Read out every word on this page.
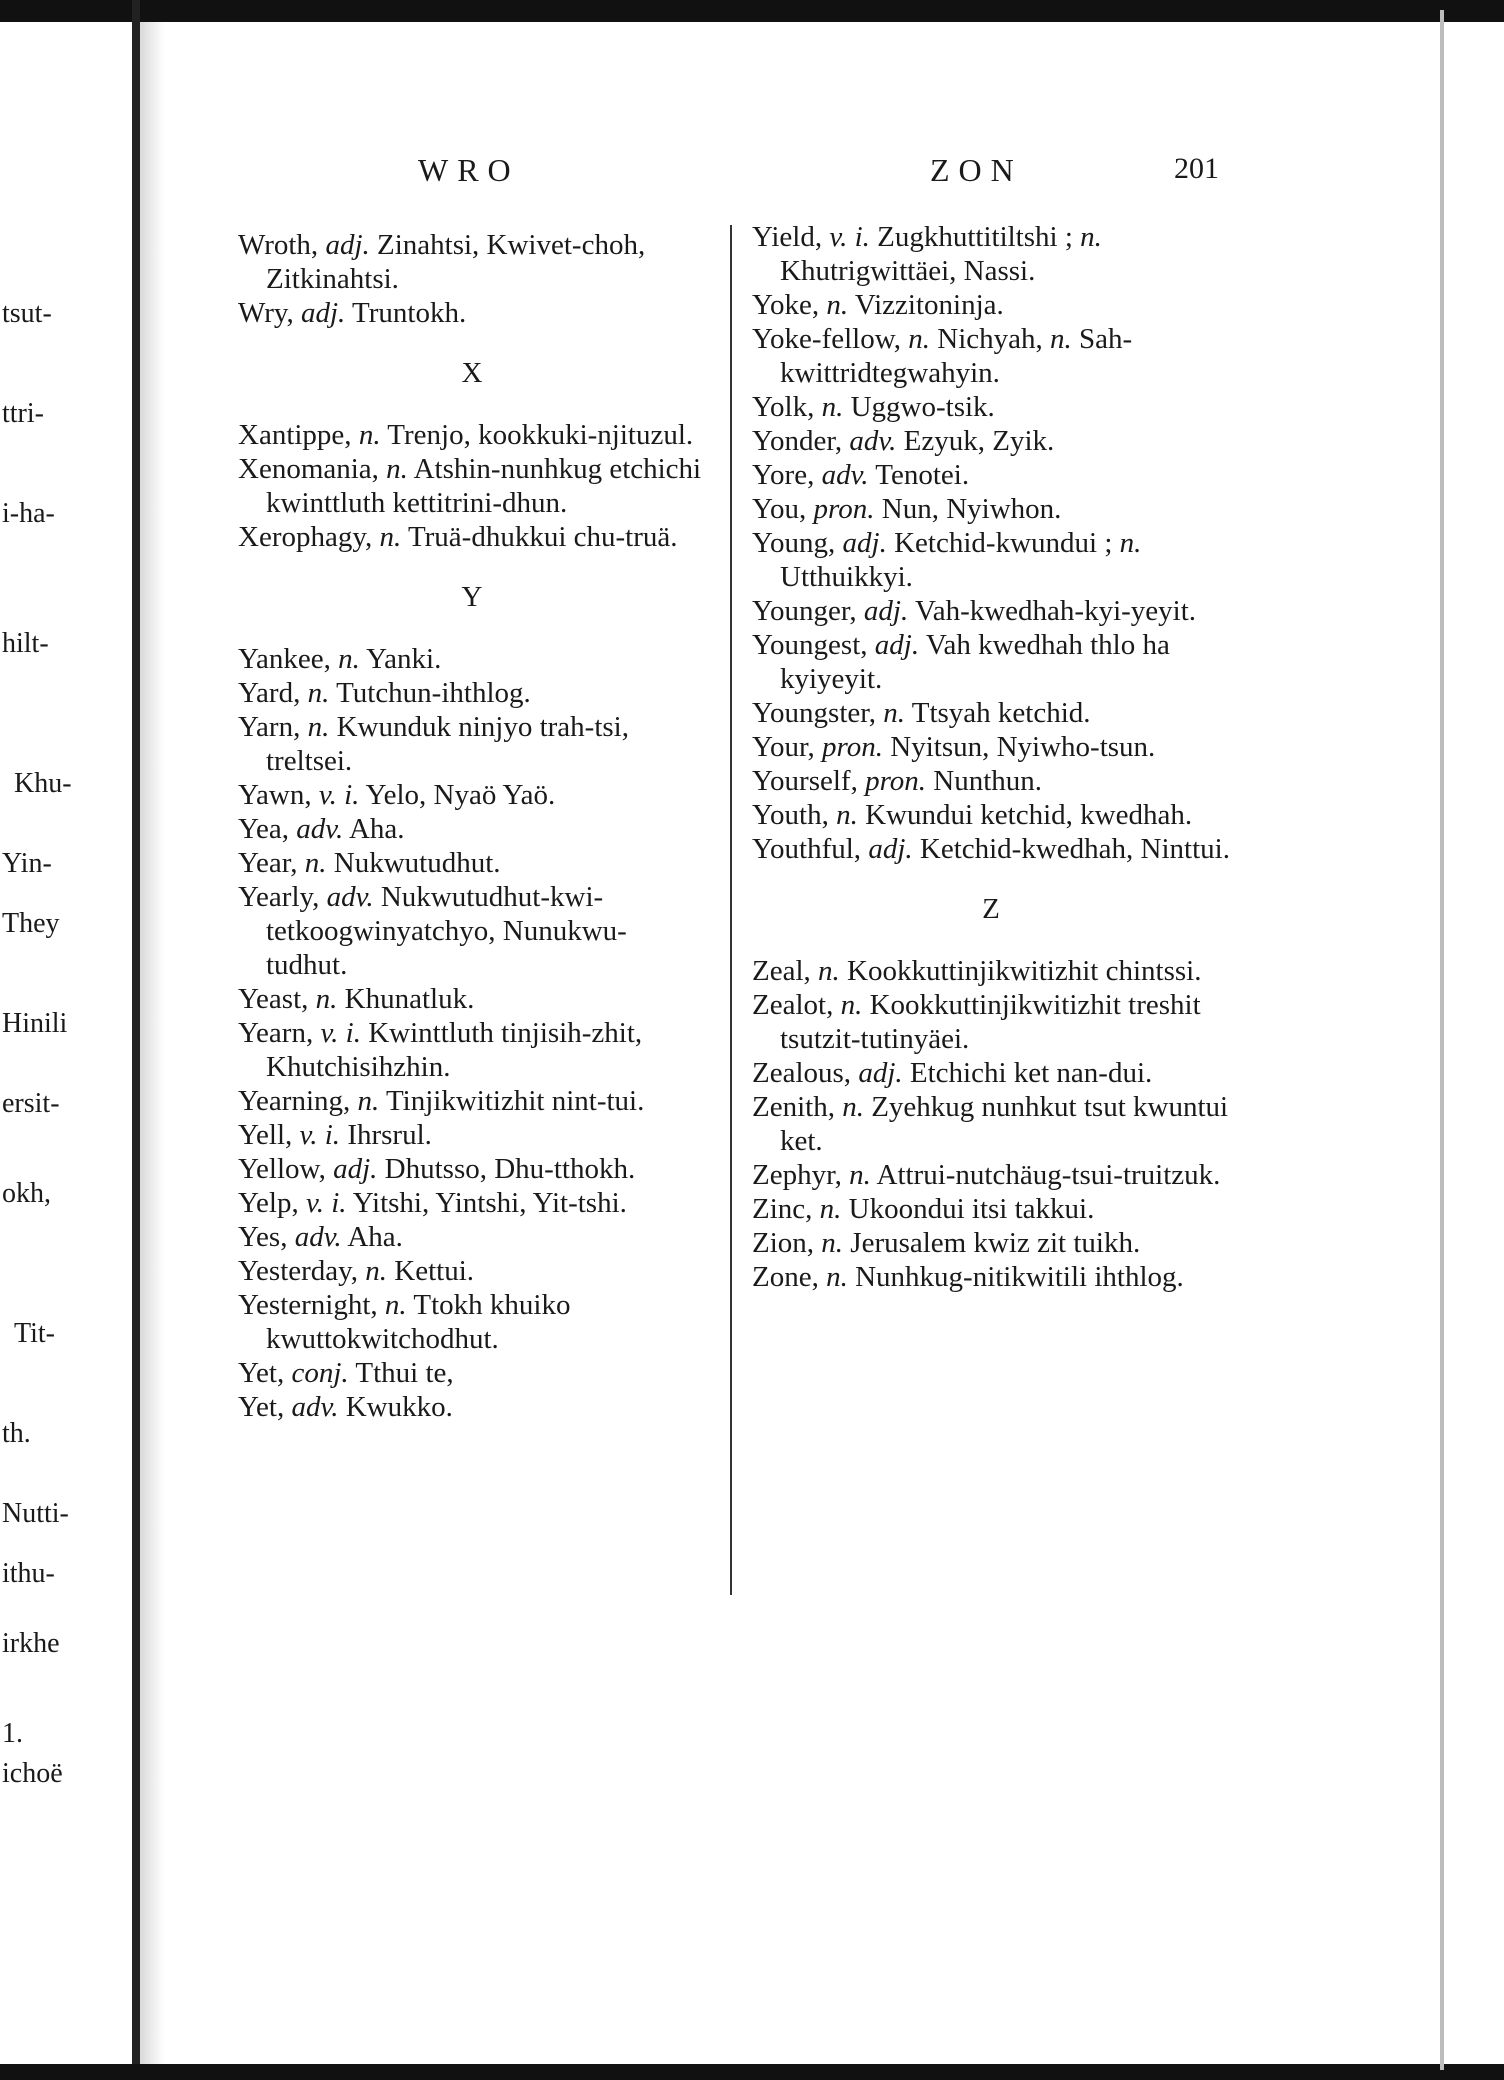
tsut-
ttri-
i-ha-
hilt-
Khu-
Yin-
They
Hinili
ersit-
okh,
Tit-
th.
Nutti-
ithu-
irkhe
1.
ichoë
WRO	ZON	201

Wroth, adj. Zinahtsi, Kwivet-choh, Zitkinahtsi.

Wry, adj. Truntokh.

X

Xantippe, n. Trenjo, kookkuki-njituzul.

Xenomania, n. Atshin-nunhkug etchichi kwinttluth kettitrini-dhun.

Xerophagy, n. Truä-dhukkui chu-truä.

Y

Yankee, n. Yanki.

Yard, n. Tutchun-ihthlog.

Yarn, n. Kwunduk ninjyo trah-tsi, treltsei.

Yawn, v. i. Yelo, Nyaö Yaö.

Yea, adv. Aha.

Year, n. Nukwutudhut.

Yearly, adv. Nukwutudhut-kwi-tetkoogwinyatchyo, Nunukwu-tudhut.

Yeast, n. Khunatluk.

Yearn, v. i. Kwinttluth tinjisih-zhit, Khutchisihzhin.

Yearning, n. Tinjikwitizhit nint-tui.

Yell, v. i. Ihrsrul.

Yellow, adj. Dhutsso, Dhu-tthokh.

Yelp, v. i. Yitshi, Yintshi, Yit-tshi.

Yes, adv. Aha.

Yesterday, n. Kettui.

Yesternight, n. Ttokh khuiko kwuttokwitchodhut.

Yet, conj. Tthui te,

Yet, adv. Kwukko.

Yield, v. i. Zugkhuttitiltshi ; n. Khutrigwittäei, Nassi.

Yoke, n. Vizzitoninja.

Yoke-fellow, n. Nichyah, n. Sah-kwittridtegwahyin.

Yolk, n. Uggwo-tsik.

Yonder, adv. Ezyuk, Zyik.

Yore, adv. Tenotei.

You, pron. Nun, Nyiwhon.

Young, adj. Ketchid-kwundui ; n. Utthuikkyi.

Younger, adj. Vah-kwedhah-kyi-yeyit.

Youngest, adj. Vah kwedhah thlo ha kyiyeyit.

Youngster, n. Ttsyah ketchid.

Your, pron. Nyitsun, Nyiwho-tsun.

Yourself, pron. Nunthun.

Youth, n. Kwundui ketchid, kwedhah.

Youthful, adj. Ketchid-kwedhah, Ninttui.

Z

Zeal, n. Kookkuttinjikwitizhit chintssi.

Zealot, n. Kookkuttinjikwitizhit treshit tsutzit-tutinyäei.

Zealous, adj. Etchichi ket nan-dui.

Zenith, n. Zyehkug nunhkut tsut kwuntui ket.

Zephyr, n. Attrui-nutchäug-tsui-truitzuk.

Zinc, n. Ukoondui itsi takkui.

Zion, n. Jerusalem kwiz zit tuikh.

Zone, n. Nunhkug-nitikwitili ihthlog.
